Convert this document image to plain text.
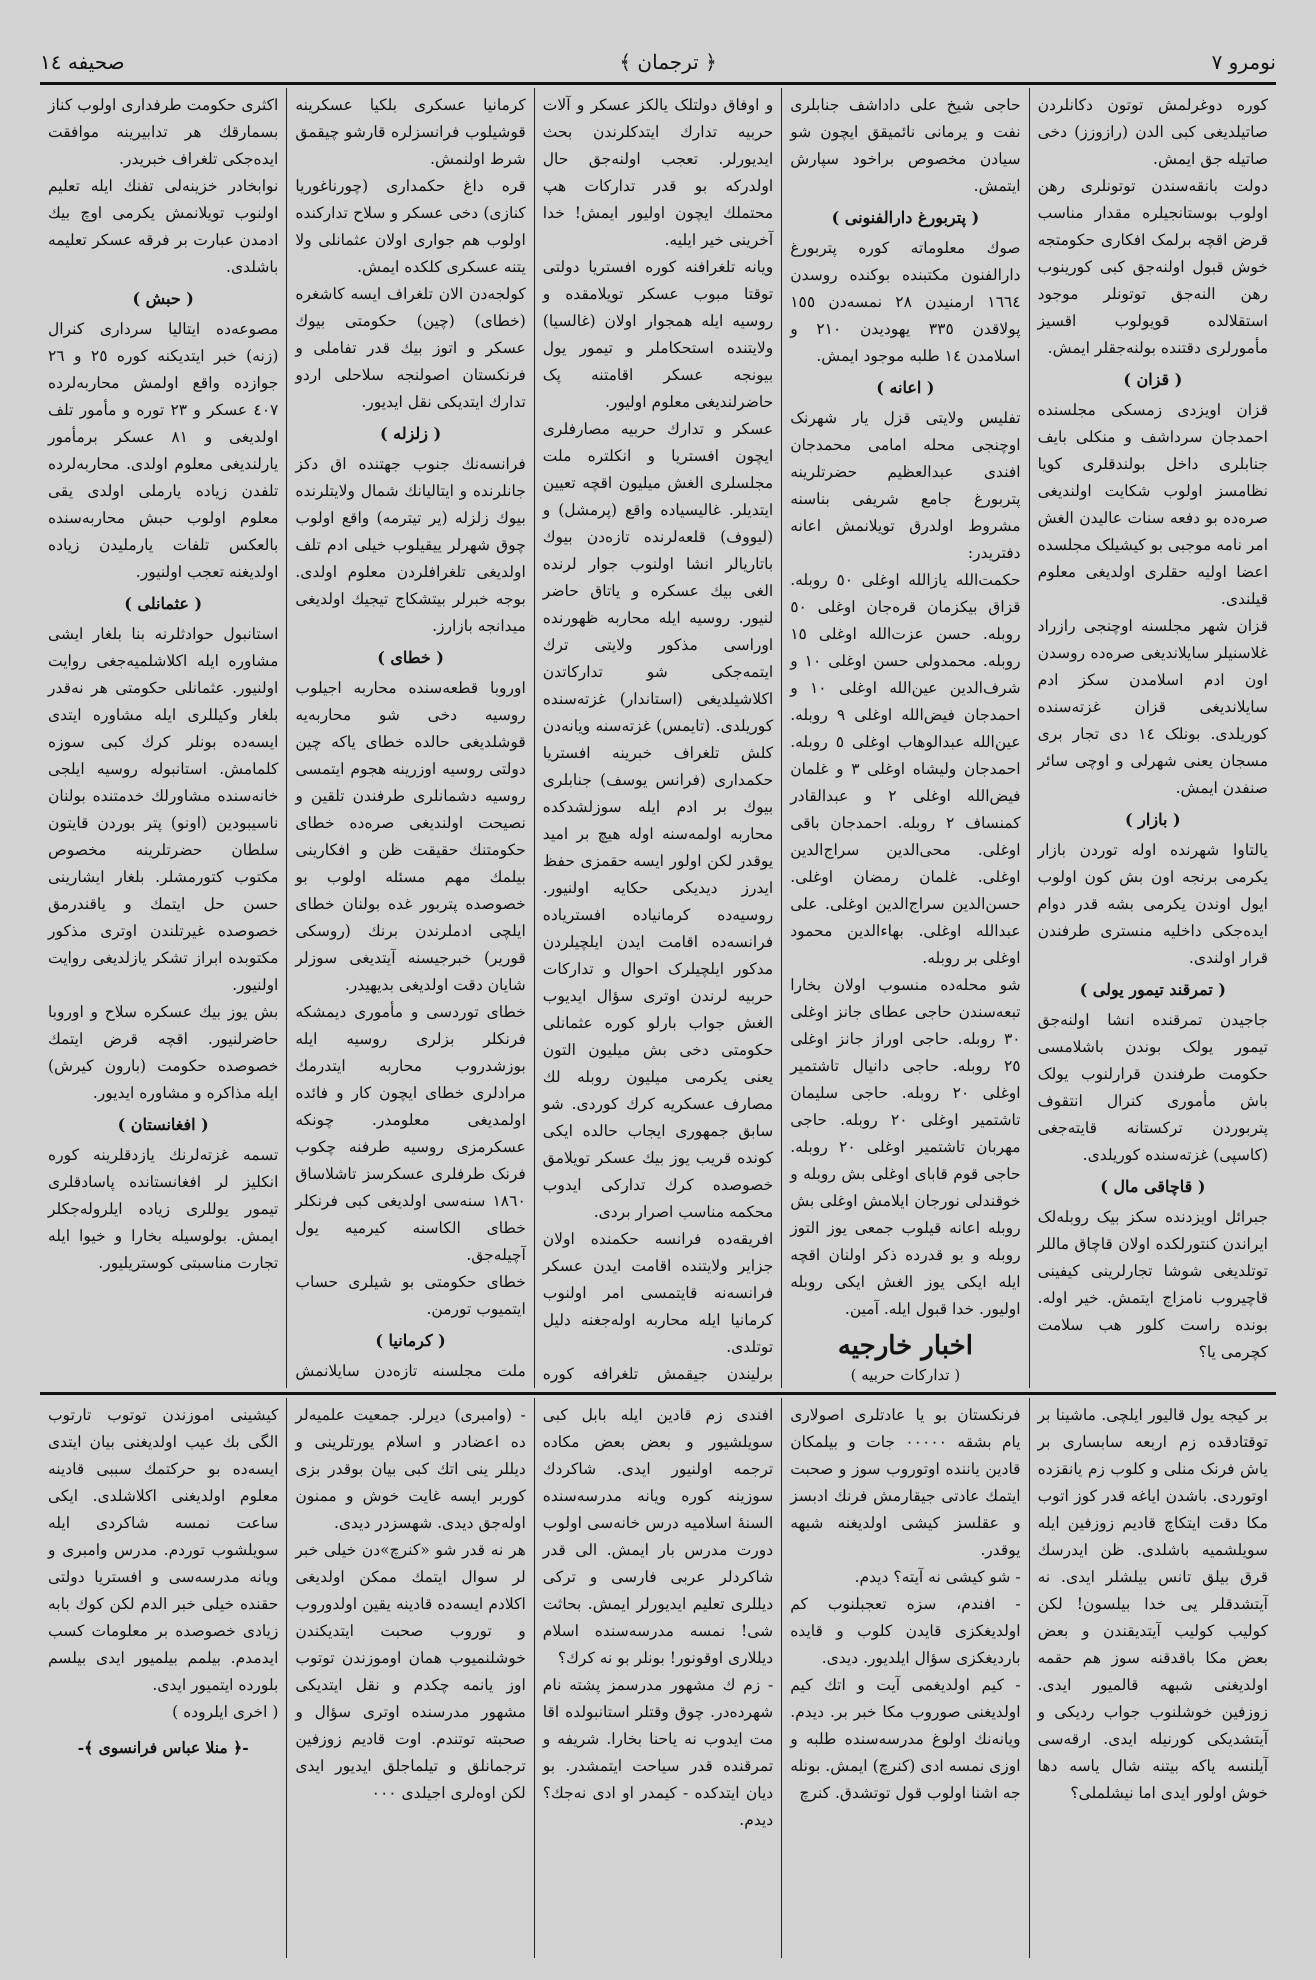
نومرو ٧
﴿ ترجمان ﴾
صحیفه ١٤
کوره دوغرلمش توتون دکانلردن صاتیلدیغی کبی الدن (رازوزز) دخی صاتیله جق ایمش.
دولت بانقه‌سندن توتونلری رهن اولوب بوستانجیلره مقدار مناسب قرض اقچه برلمک افکاری حکومتجه خوش قبول اولنه‌جق کبی کورینوب رهن النه‌جق توتونلر موجود استقلالده قویولوب اقسیز مأمورلری دقتنده بولنه‌جقلر ایمش.
( قزان )
قزان اویزدی زمسکی مجلسنده احمدجان سرداشف و منکلی بایف جنابلری داخل بولندقلری کویا نظامسز اولوب شکایت اولندیغی صره‌ده بو دفعه سنات عالیدن الغش امر نامه موجبی بو کیشیلک مجلسده اعضا اولیه حقلری اولدیغی معلوم قیلندی.
قزان شهر مجلسنه اوچنجی رازراد غلاسنیلر سایلاندیغی صره‌ده روسدن اون ادم اسلامدن سکز ادم سایلاندیغی قزان غزته‌سنده کوریلدی. بونلک ١٤ دی تجار بری مسجان یعنی شهرلی و اوچی سائر صنفدن ایمش.
( بازار )
یالتاوا شهرنده اوله توردن بازار یکرمی برنجه اون بش کون اولوب ایول اوندن یکرمی بشه قدر دوام ایده‌جکی داخلیه منستری طرفندن قرار اولندی.
( تمرقند تیمور یولی )
جاجیدن تمرقنده انشا اولنه‌جق تیمور یولک بوندن باشلامسی حکومت طرفندن قرارلنوب یولک باش مأموری کنرال انتقوف پتربوردن ترکستانه قایته‌جغی (کاسپی) غزته‌سنده کوریلدی.
( قاچاقی مال )
جبرائل اویزدنده سکز بیک روبله‌لک ایراندن کنتورلکده اولان قاچاق ماللر توتلدیغی شوشا تجارلرینی کیفینی قاچیروب نامزاج ایتمش. خیر اوله. بونده راست کلور هب سلامت کچرمی یا؟
حاجی شیخ علی داداشف جنابلری نفت و یرمانی نائمیقق ایچون شو سیادن مخصوص براخود سپارش ایتمش.
( پتربورغ دارالفنونی )
صوك معلوماته کوره پتربورغ دارالفنون مکتبنده بوکنده روسدن ١٦٦٤ ارمنیدن ٢٨ نمسه‌دن ١٥٥ پولاقدن ٣٣٥ یهودیدن ٢١٠ و اسلامدن ١٤ طلبه موجود ایمش.
( اعانه )
تفلیس ولایتی قزل یار شهرنک اوچنجی محله امامی محمدجان افندی عبدالعظیم حضرتلرینه پتربورغ جامع شریفی بناسنه مشروط اولدرق تویلانمش اعانه دفتریدر:
حکمت‌الله یازالله اوغلی ٥٠ روبله. قزاق بیکزمان قره‌جان اوغلی ٥٠ روبله. حسن عزت‌الله اوغلی ١٥ روبله. محمدولی حسن اوغلی ١٠ و شرف‌الدین عین‌الله اوغلی ١٠ و احمدجان فیض‌الله اوغلی ٩ روبله. عین‌الله عبدالوهاب اوغلی ٥ روبله. احمدجان ولیشاه اوغلی ٣ و غلمان فیض‌الله اوغلی ٢ و عبدالقادر کمنساف ٢ روبله. احمدجان باقی اوغلی. محی‌الدین سراج‌الدین اوغلی. غلمان رمضان اوغلی. حسن‌الدین سراج‌الدین اوغلی. علی عبدالله اوغلی. بهاءالدین محمود اوغلی بر روبله.
شو محله‌ده منسوب اولان بخارا تبعه‌سندن حاجی عطای جانز اوغلی ٣٠ روبله. حاجی اوراز جانز اوغلی ٢٥ روبله. حاجی دانیال تاشتمیر اوغلی ٢٠ روبله. حاجی سلیمان تاشتمیر اوغلی ٢٠ روبله. حاجی مهربان تاشتمیر اوغلی ٢٠ روبله. حاجی قوم قابای اوغلی بش روبله و خوقندلی نورجان ایلامش اوغلی بش روبله اعانه قیلوب جمعی یوز التوز روبله و بو قدرده ذکر اولنان اقچه ایله ایکی یوز الغش ایکی روبله اولیور. خدا قبول ایله. آمین.
اخبار خارجیه
( تدارکات حربیه )
و اوفاق دولتلک یالکز عسکر و آلات حربیه تدارك ایتدکلرندن بحث ایدیورلر. تعجب اولنه‌جق حال اولدرکه بو قدر تدارکات هپ محتملك ایچون اولیور ایمش! خدا آخرینی خیر ایلیه.
ویانه تلغرافنه کوره افستریا دولتی توقتا مبوب عسکر تویلامقده و روسیه ایله همجوار اولان (غالسیا) ولایتنده استحکاملر و تیمور یول بیونجه عسکر اقامتنه پک حاضرلندیغی معلوم اولیور.
عسکر و تدارك حربیه مصارفلری ایچون افستریا و انکلتره ملت مجلسلری الغش میلیون اقچه تعیین ایتدیلر. غالیسیاده واقع (پرمشل) و (لیووف) قلعه‌لرنده تازه‌دن بیوك باتاریالر انشا اولنوب جوار لرنده الغی بیك عسکره و یاتاق حاضر لنیور. روسیه ایله محاربه ظهورنده اوراسی مذکور ولایتی ترك ایتمه‌جکی شو تدارکاتدن اکلاشیلدیغی (استاندار) غزته‌سنده کوریلدی. (تایمس) غزته‌سنه ویانه‌دن کلش تلغراف خبرینه افستریا حکمداری (فرانس یوسف) جنابلری بیوك بر ادم ایله سوزلشدکده محاربه اولمه‌سنه اوله هیچ بر امید یوقدر لکن اولور ایسه حقمزی حفظ ایدرز دیدیکی حکایه اولنیور. روسیه‌ده کرمانیاده افستریاده فرانسه‌ده اقامت ایدن ایلچیلردن مدکور ایلچیلرک احوال و تدارکات حربیه لرندن اوتری سؤال ایدیوب الغش جواب بارلو کوره عثمانلی حکومتی دخی بش میلیون التون یعنی یکرمی میلیون روبله لك مصارف عسکریه کرك کوردی. شو سابق جمهوری ایجاب حالده ایکی کونده قریب یوز بیك عسکر تویلامق خصوصده کرك تدارکی ایدوب محکمه مناسب اصرار بردی.
افریقه‌ده فرانسه حکمنده اولان جزایر ولایتنده اقامت ایدن عسکر فرانسه‌نه قایتمسی امر اولنوب کرمانیا ایله محاربه اوله‌جغنه دلیل توتلدی.
برلیندن جیقمش تلغرافه کوره
کرمانیا عسکری بلکیا عسکرینه قوشیلوب فرانسزلره قارشو چیقمق شرط اولنمش.
قره داغ حکمداری (چورناغوریا کنازی) دخی عسکر و سلاح تدارکنده اولوب هم جواری اولان عثمانلی ولا یتنه عسکری کلکده ایمش.
کولجه‌دن الان تلغراف ایسه کاشغره (خطای) (چین) حکومتی بیوك عسکر و اتوز بیك قدر تفاملی و فرنکستان اصولنجه سلاحلی اردو تدارك ایتدیکی نقل ایدیور.
( زلزله )
فرانسه‌نك جنوب جهتنده اق دکز جانلرنده و ایتالیانك شمال ولایتلرنده بیوك زلزله (یر تیترمه) واقع اولوب چوق شهرلر ییقیلوب خیلی ادم تلف اولدیغی تلغرافلردن معلوم اولدی. بوجه خبرلر بیتشکاج تیجیك اولدیغی میدانجه بازارز.
( خطای )
اوروبا قطعه‌سنده محاربه اجیلوب روسیه دخی شو محاربه‌یه قوشلدیغی حالده خطای یاکه چین دولتی روسیه اوزرینه هجوم ایتمسی روسیه دشمانلری طرفندن تلقین و نصیحت اولندیغی صره‌ده خطای حکومتنك حقیقت ظن و افکارینی بیلمك مهم مسئله اولوب بو خصوصده پتربور غده بولنان خطای ایلچی ادملرندن برنك (روسکی قوریر) خبرجیسنه آیتدیغی سوزلر شایان دقت اولدیغی بدیهیدر.
خطای توردسی و مأموری دیمشکه فرنکلر بزلری روسیه ایله بوزشدروب محاربه ایتدرمك مرادلری خطای ایچون کار و فائده اولمدیغی معلومدر. چونکه عسکرمزی روسیه طرفنه چکوب فرنک طرفلری عسکرسز تاشلاساق ١٨٦٠ سنه‌سی اولدیغی کبی فرنکلر خطای الکاسنه کیرمیه یول آچیله‌جق.
خطای حکومتی بو شیلری حساب ایتمیوب تورمن.
( کرمانیا )
ملت مجلسنه تازه‌دن سایلانمش
اکثری حکومت طرفداری اولوب کناز بسمارقك هر تدابیرینه موافقت ایده‌جکی تلغراف خبریدر.
نوابخادر خزینه‌لی تفنك ایله تعلیم اولنوب تویلانمش یکرمی اوچ بیك ادمدن عبارت بر فرقه عسکر تعلیمه باشلدی.
( حبش )
مصوعه‌ده ایتالیا سرداری کنرال (زنه) خبر ایتدیکنه کوره ٢٥ و ٢٦ جوازده واقع اولمش محاربه‌لرده ٤٠٧ عسکر و ٢٣ توره و مأمور تلف اولدیغی و ٨١ عسکر برمأمور یارلندیغی معلوم اولدی. محاربه‌لرده تلفدن زیاده یارملی اولدی یقی معلوم اولوب حبش محاربه‌سنده بالعکس تلفات یارملیدن زیاده اولدیغنه تعجب اولنیور.
( عثمانلی )
استانبول حوادثلرنه بنا بلغار ایشی مشاوره ایله اکلاشلمیه‌جغی روایت اولنیور. عثمانلی حکومتی هر نه‌قدر بلغار وکیللری ایله مشاوره ایتدی ایسه‌ده بونلر کرك کبی سوزه کلمامش. استانبوله روسیه ایلجی خانه‌سنده مشاورلك خدمتنده بولنان ناسیبودین (اونو) پتر بوردن قایتون سلطان حضرتلرینه مخصوص مکتوب کتورمشلر. بلغار ایشارینی حسن حل ایتمك و یاقندرمق خصوصده غیرتلندن اوتری مذکور مکتوبده ابراز تشکر یازلدیغی روایت اولنیور.
بش یوز بیك عسکره سلاح و اوروبا حاضرلنیور. اقچه قرض ایتمك خصوصده حکومت (بارون کیرش) ایله مذاکره و مشاوره ایدیور.
( افغانستان )
تسمه غزته‌لرنك یازدقلرینه کوره انکلیز لر افغانستانده پاسادقلری تیمور یوللری زیاده ایلروله‌جکلر ایمش. بولوسیله بخارا و خیوا ایله تجارت مناسبتی کوستریلیور.
بر کیجه یول قالیور ایلچی. ماشینا بر توقتادقده زم اربعه سابساری بر یاش فرنک منلی و کلوب زم یانقزده اوتوردی. باشدن ایاغه قدر کوز اتوب مکا دقت ایتکاچ قادیم زوزفین ایله سویلشمیه باشلدی. ظن ایدرسك قرق بیلق تانس بیلشلر ایدی. نه آیتشدقلر یی خدا بیلسون! لکن کولیب کولیب آیتدیقندن و بعض بعض مکا باقدقنه سوز هم حقمه اولدیغنی شبهه قالمیور ایدی. زوزفین خوشلنوب جواب ردیکی و آیتشدیکی کورنیله ایدی. ارقه‌سی آیلنسه یاکه بیتنه شال یاسه دها خوش اولور ایدی اما نیشلملی؟
فرنکستان بو یا عادتلری اصولاری یام بشقه ٠٠٠٠٠ جات و بیلمکان قادین یاننده اوتوروب سوز و صحبت ایتمك عادتی جیقارمش فرنك ادبسز و عقلسز کیشی اولدیغنه شبهه یوقدر.
- شو کیشی نه آیته؟ دیدم.
- افندم، سزه تعجبلنوب کم اولدیغکزی قایدن کلوب و قایده باردیغکزی سؤال ایلدیور. دیدی.
- کیم اولدیغمی آیت و اتك کیم اولدیغنی صوروب مکا خبر بر. دیدم. ویانه‌نك اولوغ مدرسه‌سنده طلبه و اوزی نمسه ادی (کنرچ) ایمش. بونله جه اشنا اولوب قول توتشدق. کنرچ
افندی زم قادین ایله بابل کبی سویلشیور و بعض بعض مکاده ترجمه اولنیور ایدی. شاکردك سوزینه کوره ویانه مدرسه‌سنده السنهٔ اسلامیه درس خانه‌سی اولوب دورت مدرس بار ایمش. الی قدر شاکردلر عربی فارسی و ترکی دیللری تعلیم ایدیورلر ایمش. بحاثت شی! نمسه مدرسه‌سنده اسلام دیللاری اوقونور! بونلر بو نه کرك؟
- زم ك مشهور مدرسمز پشته نام شهرده‌در. چوق وقتلر استانبولده اقا مت ایدوب نه یاحنا بخارا. شریفه و تمرقنده قدر سیاحت ایتمشدر. بو دیان ایتدکده - کیمدر او ادی نه‌جك؟ دیدم.
- (وامبری) دیرلر. جمعیت علمیه‌لر ده اعضادر و اسلام یورتلرینی و دیللر ینی اتك کبی بیان بوقدر بزی کوربر ایسه غایت خوش و ممنون اوله‌جق دیدی. شهسزدر دیدی.
هر نه قدر شو «کنرچ»دن خیلی خبر لر سوال ایتمك ممکن اولدیغی اکلادم ایسه‌ده قادینه یقین اولدوروب و توروب صحبت ایتدیکندن خوشلنمیوب همان اوموزندن توتوب اوز یانمه چکدم و نقل ایتدیکی مشهور مدرسنده اوتری سؤال و صحبته توتندم. اوت قادیم زوزفین ترجمانلق و تیلماجلق ایدیور ایدی لکن اوه‌لری اجیلدی ٠٠٠
کیشینی اموزندن توتوب تارتوب الگی بك عیب اولدیغنی بیان ایتدی ایسه‌ده بو حرکتمك سببی قادینه معلوم اولدیغنی اکلاشلدی. ایکی ساعت نمسه شاکردی ایله سویلشوب توردم. مدرس وامبری و ویانه مدرسه‌سی و افستریا دولتی حقنده خیلی خبر الدم لکن کوك بابه زیادی خصوصده بر معلومات کسب ایدمدم. بیلمم بیلمیور ایدی بیلسم بلورده ایتمیور ایدی.
( اخری ایلروده )
-﴿ منلا عباس فرانسوی ﴾-
